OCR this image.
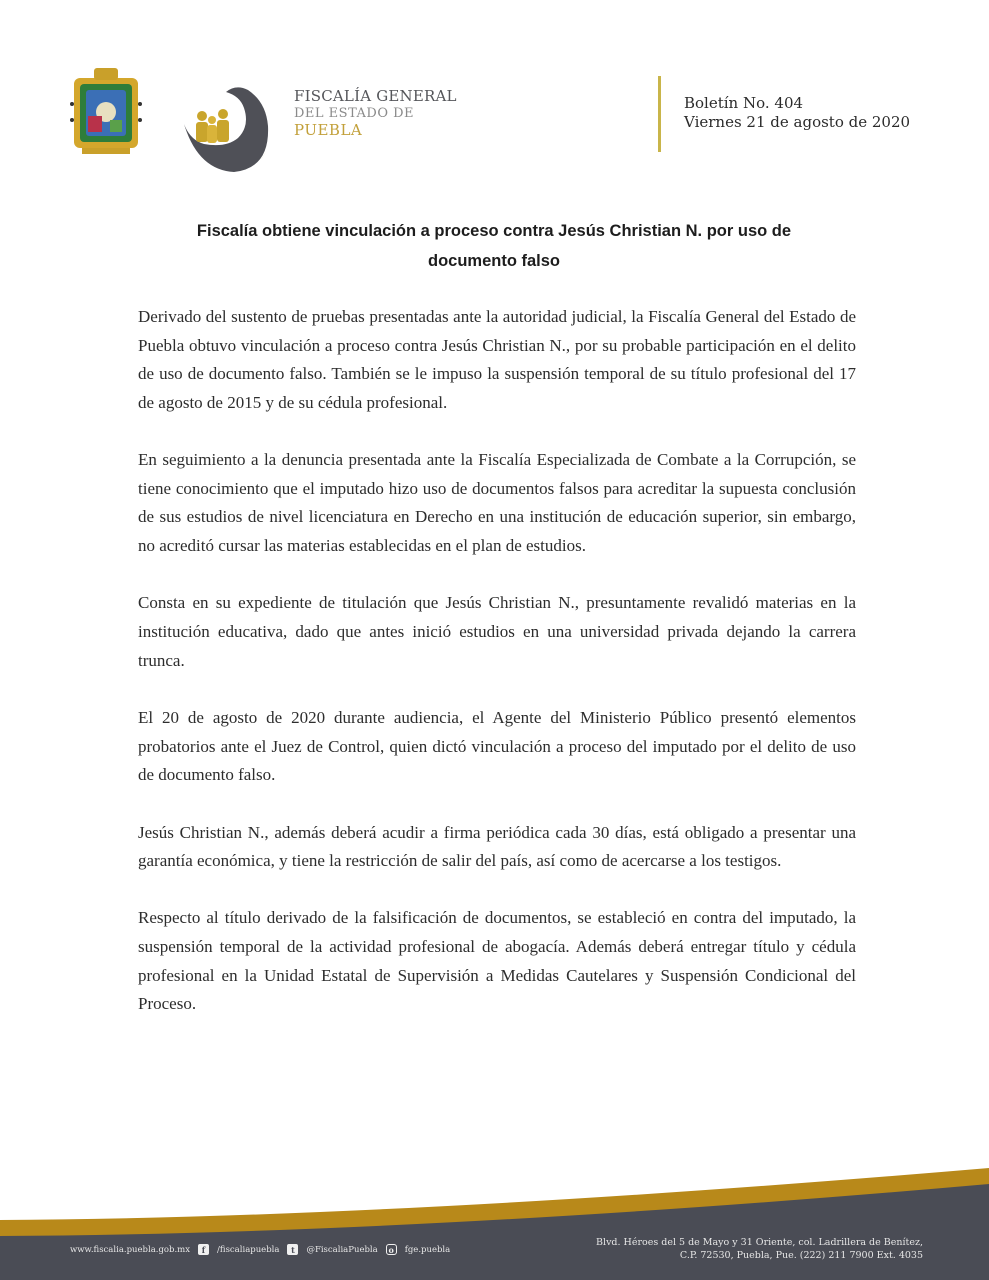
FISCALÍA GENERAL
DEL ESTADO DE
PUEBLA
Boletín No. 404
Viernes 21 de agosto de 2020
Fiscalía obtiene vinculación a proceso contra Jesús Christian N. por uso de
documento falso

Derivado del sustento de pruebas presentadas ante la autoridad judicial, la Fiscalía General del Estado de Puebla obtuvo vinculación a proceso contra Jesús Christian N., por su probable participación en el delito de uso de documento falso. También se le impuso la suspensión temporal de su título profesional del 17 de agosto de 2015 y de su cédula profesional.

En seguimiento a la denuncia presentada ante la Fiscalía Especializada de Combate a la Corrupción, se tiene conocimiento que el imputado hizo uso de documentos falsos para acreditar la supuesta conclusión de sus estudios de nivel licenciatura en Derecho en una institución de educación superior, sin embargo, no acreditó cursar las materias establecidas en el plan de estudios.

Consta en su expediente de titulación que Jesús Christian N., presuntamente revalidó materias en la institución educativa, dado que antes inició estudios en una universidad privada dejando la carrera trunca.

El 20 de agosto de 2020 durante audiencia, el Agente del Ministerio Público presentó elementos probatorios ante el Juez de Control, quien dictó vinculación a proceso del imputado por el delito de uso de documento falso.

Jesús Christian N., además deberá acudir a firma periódica cada 30 días, está obligado a presentar una garantía económica, y tiene la restricción de salir del país, así como de acercarse a los testigos.

Respecto al título derivado de la falsificación de documentos, se estableció en contra del imputado, la suspensión temporal de la actividad profesional de abogacía. Además deberá entregar título y cédula profesional en la Unidad Estatal de Supervisión a Medidas Cautelares y Suspensión Condicional del Proceso.

www.fiscalia.puebla.gob.mx	f	/fiscaliapuebla	t	@FiscaliaPuebla	o	fge.puebla
Blvd. Héroes del 5 de Mayo y 31 Oriente, col. Ladrillera de Benítez,
C.P. 72530, Puebla, Pue. (222) 211 7900 Ext. 4035
